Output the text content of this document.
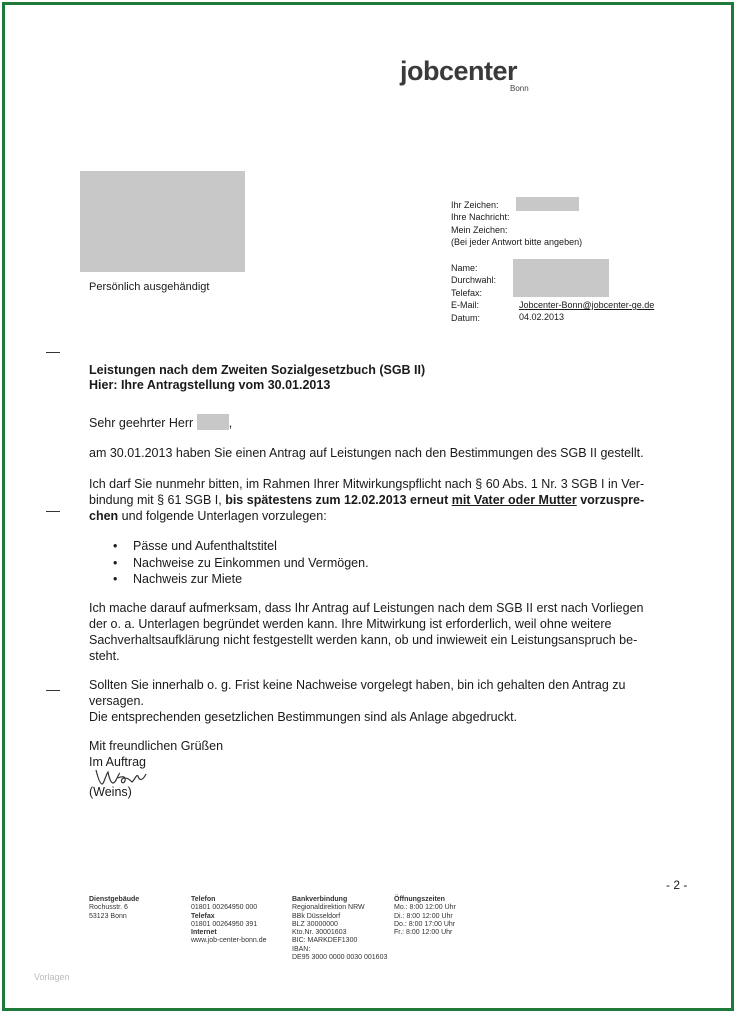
jobcenter
Bonn
Persönlich ausgehändigt
Ihr Zeichen:
Ihre Nachricht:
Mein Zeichen:
(Bei jeder Antwort bitte angeben)
Name:
Durchwahl:
Telefax:
E-Mail:
Datum:
Jobcenter-Bonn@jobcenter-ge.de
04.02.2013
Leistungen nach dem Zweiten Sozialgesetzbuch (SGB II)
Hier: Ihre Antragstellung vom 30.01.2013
Sehr geehrter Herr	,
am 30.01.2013 haben Sie einen Antrag auf Leistungen nach den Bestimmungen des SGB II gestellt.
Ich darf Sie nunmehr bitten, im Rahmen Ihrer Mitwirkungspflicht nach § 60 Abs. 1 Nr. 3 SGB I in Ver-
bindung mit § 61 SGB I, bis spätestens zum 12.02.2013 erneut mit Vater oder Mutter vorzuspre-
chen und folgende Unterlagen vorzulegen:
• Pässe und Aufenthaltstitel
• Nachweise zu Einkommen und Vermögen.
• Nachweis zur Miete
Ich mache darauf aufmerksam, dass Ihr Antrag auf Leistungen nach dem SGB II erst nach Vorliegen
der o. a. Unterlagen begründet werden kann. Ihre Mitwirkung ist erforderlich, weil ohne weitere
Sachverhaltsaufklärung nicht festgestellt werden kann, ob und inwieweit ein Leistungsanspruch be-
steht.
Sollten Sie innerhalb o. g. Frist keine Nachweise vorgelegt haben, bin ich gehalten den Antrag zu
versagen.
Die entsprechenden gesetzlichen Bestimmungen sind als Anlage abgedruckt.
Mit freundlichen Grüßen
Im Auftrag
(Weins)
- 2 -
Dienstgebäude
Rochusstr. 6
53123 Bonn
Telefon
01801 00264950 000
Telefax
01801 00264950 391
Internet
www.job-center-bonn.de
Bankverbindung
Regionaldirektion NRW
BBk Düsseldorf
BLZ 30000000
Kto.Nr. 30001603
BIC: MARKDEF1300
IBAN:
DE95 3000 0000 0030 001603
Öffnungszeiten
Mo.: 8:00 12:00 Uhr
Di.: 8:00 12:00 Uhr
Do.: 8:00 17:00 Uhr
Fr.: 8:00 12:00 Uhr
Vorlagen
